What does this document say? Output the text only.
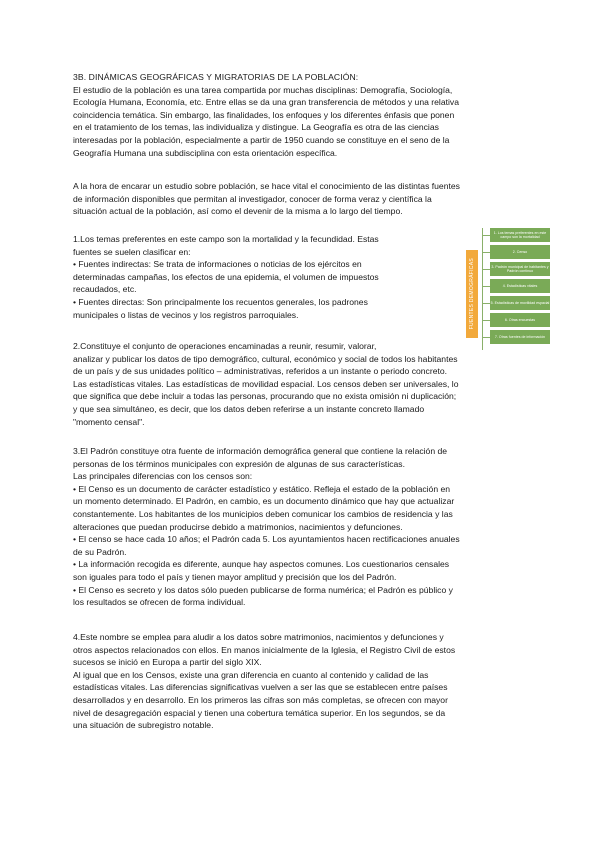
3B. DINÁMICAS GEOGRÁFICAS Y MIGRATORIAS DE LA POBLACIÓN:
El estudio de la población es una tarea compartida por muchas disciplinas: Demografía, Sociología,
Ecología Humana, Economía, etc. Entre ellas se da una gran transferencia de métodos y una relativa
coincidencia temática. Sin embargo, las finalidades, los enfoques y los diferentes énfasis que ponen
en el tratamiento de los temas, las individualiza y distingue. La Geografía es otra de las ciencias
interesadas por la población, especialmente a partir de 1950 cuando se constituye en el seno de la
Geografía Humana una subdisciplina con esta orientación específica.
A la hora de encarar un estudio sobre población, se hace vital el conocimiento de las distintas fuentes
de información disponibles que permitan al investigador, conocer de forma veraz y científica la
situación actual de la población, así como el devenir de la misma a lo largo del tiempo.
1.Los temas preferentes en este campo son la mortalidad y la fecundidad. Estas
fuentes se suelen clasificar en:
• Fuentes indirectas: Se trata de informaciones o noticias de los ejércitos en
determinadas campañas, los efectos de una epidemia, el volumen de impuestos
recaudados, etc.
• Fuentes directas: Son principalmente los recuentos generales, los padrones
municipales o listas de vecinos y los registros parroquiales.	FUENTES DEMOGRÁFICAS
1. Los temas preferentes en este campo son la mortalidad
2. Censo
3. Padrón municipal de habitantes y Padrón continuo
4. Estadísticas vitales
5. Estadísticas de movilidad espacial
6. Otras encuestas
7. Otras fuentes de información
2.Constituye el conjunto de operaciones encaminadas a reunir, resumir, valorar,
analizar y publicar los datos de tipo demográfico, cultural, económico y social de todos los habitantes
de un país y de sus unidades político – administrativas, referidos a un instante o periodo concreto.
Las estadísticas vitales. Las estadísticas de movilidad espacial. Los censos deben ser universales, lo
que significa que debe incluir a todas las personas, procurando que no exista omisión ni duplicación;
y que sea simultáneo, es decir, que los datos deben referirse a un instante concreto llamado
"momento censal".
3.El Padrón constituye otra fuente de información demográfica general que contiene la relación de
personas de los términos municipales con expresión de algunas de sus características.
Las principales diferencias con los censos son:
• El Censo es un documento de carácter estadístico y estático. Refleja el estado de la población en
un momento determinado. El Padrón, en cambio, es un documento dinámico que hay que actualizar
constantemente. Los habitantes de los municipios deben comunicar los cambios de residencia y las
alteraciones que puedan producirse debido a matrimonios, nacimientos y defunciones.
• El censo se hace cada 10 años; el Padrón cada 5. Los ayuntamientos hacen rectificaciones anuales
de su Padrón.
• La información recogida es diferente, aunque hay aspectos comunes. Los cuestionarios censales
son iguales para todo el país y tienen mayor amplitud y precisión que los del Padrón.
• El Censo es secreto y los datos sólo pueden publicarse de forma numérica; el Padrón es público y
los resultados se ofrecen de forma individual.
4.Este nombre se emplea para aludir a los datos sobre matrimonios, nacimientos y defunciones y
otros aspectos relacionados con ellos. En manos inicialmente de la Iglesia, el Registro Civil de estos
sucesos se inició en Europa a partir del siglo XIX.
Al igual que en los Censos, existe una gran diferencia en cuanto al contenido y calidad de las
estadísticas vitales. Las diferencias significativas vuelven a ser las que se establecen entre países
desarrollados y en desarrollo. En los primeros las cifras son más completas, se ofrecen con mayor
nivel de desagregación espacial y tienen una cobertura temática superior. En los segundos, se da
una situación de subregistro notable.
